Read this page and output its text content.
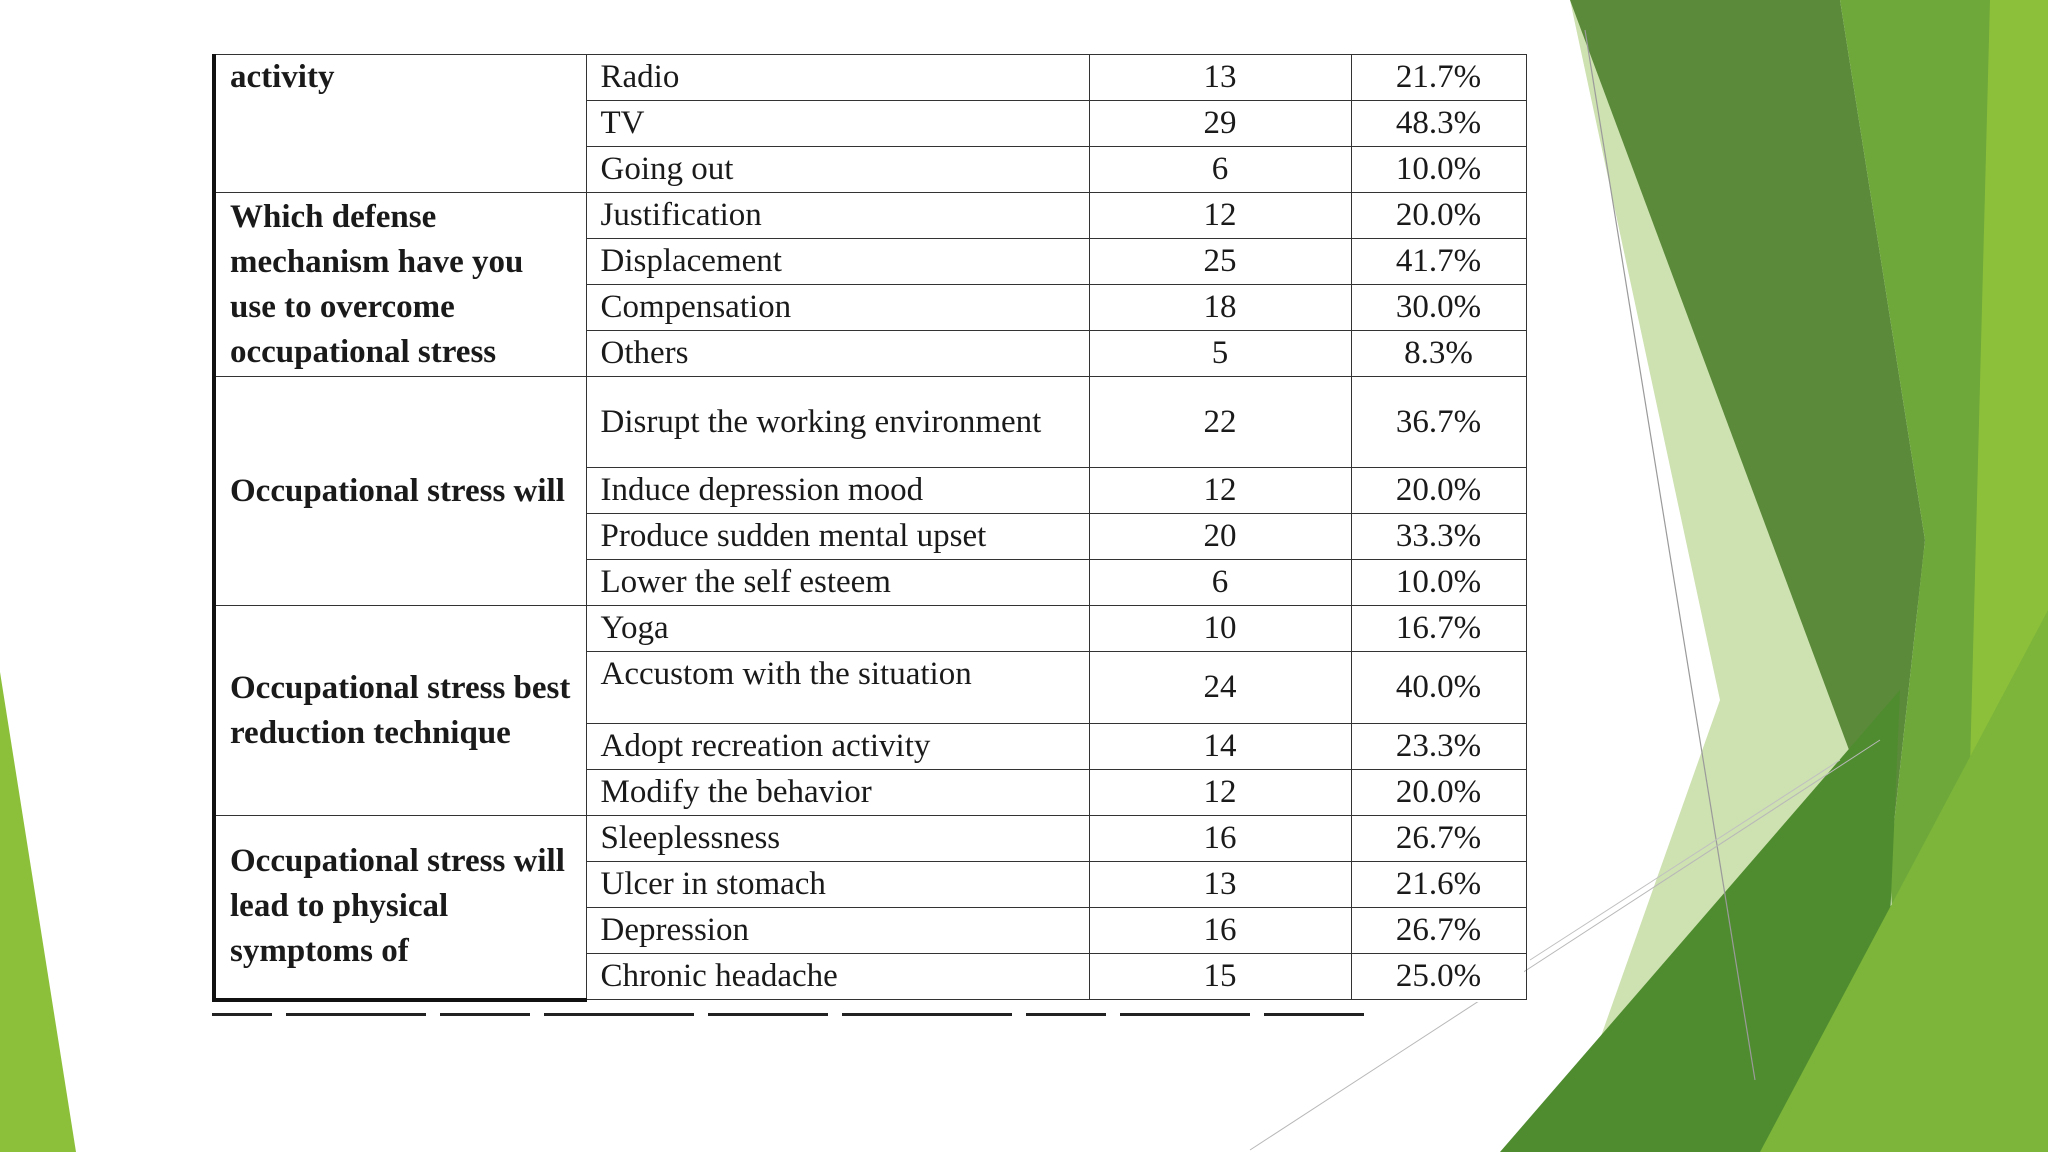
activity	Radio	13	21.7%
	TV	29	48.3%
	Going out	6	10.0%
Which defense mechanism have you use to overcome occupational stress	Justification	12	20.0%
	Displacement	25	41.7%
	Compensation	18	30.0%
	Others	5	8.3%
Occupational stress will	Disrupt the working environment	22	36.7%
	Induce depression mood	12	20.0%
	Produce sudden mental upset	20	33.3%
	Lower the self esteem	6	10.0%
Occupational stress best reduction technique	Yoga	10	16.7%
	Accustom with the situation	24	40.0%
	Adopt recreation activity	14	23.3%
	Modify the behavior	12	20.0%
Occupational stress will lead to physical symptoms of	Sleeplessness	16	26.7%
	Ulcer in stomach	13	21.6%
	Depression	16	26.7%
	Chronic headache	15	25.0%
